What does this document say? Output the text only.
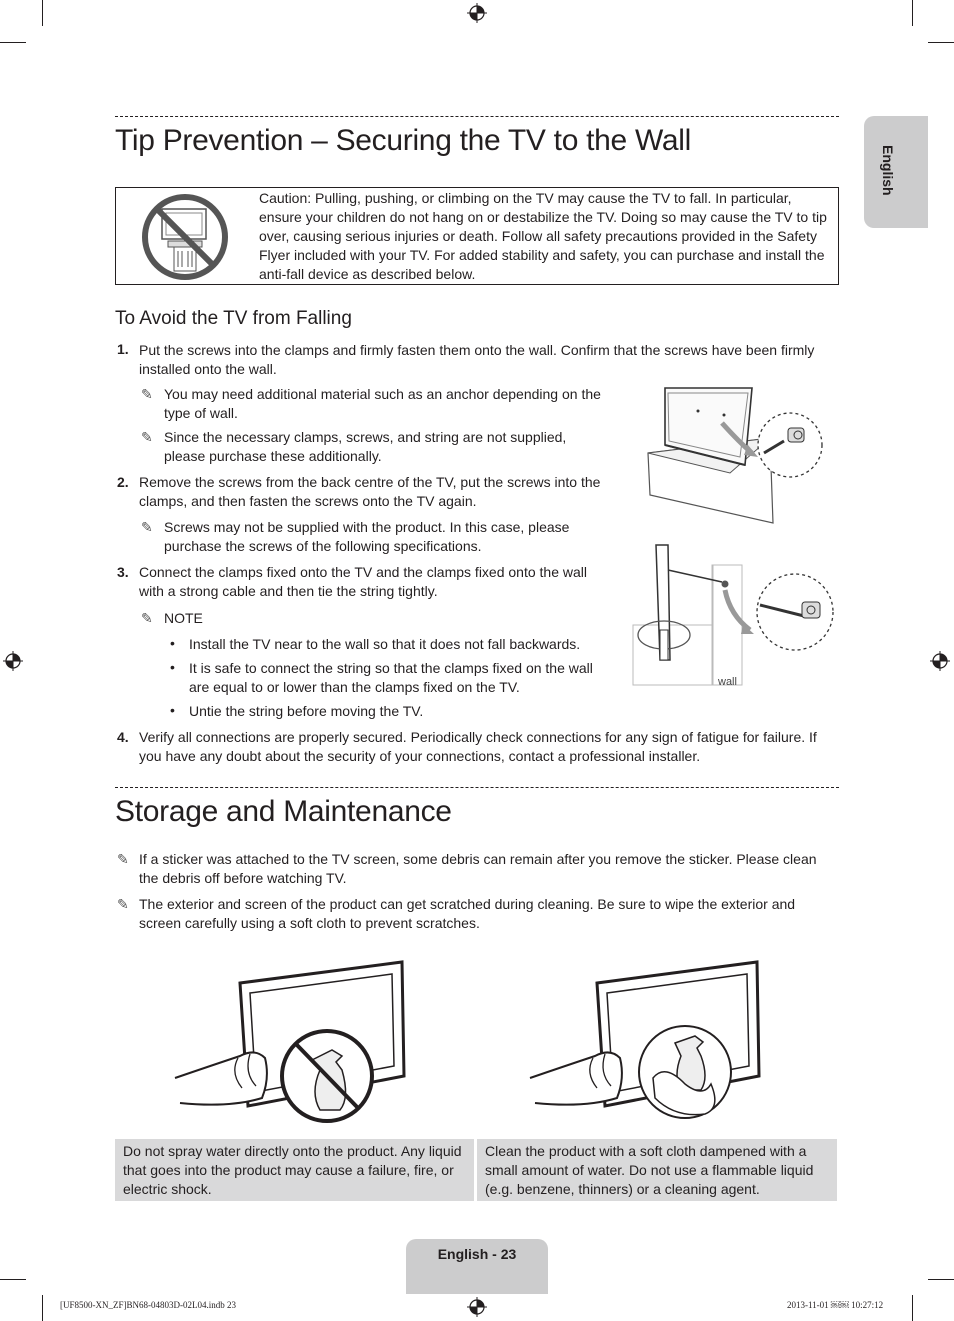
English
Tip Prevention – Securing the TV to the Wall
Caution: Pulling, pushing, or climbing on the TV may cause the TV to fall. In particular, ensure your children do not hang on or destabilize the TV. Doing so may cause the TV to tip over, causing serious injuries or death. Follow all safety precautions provided in the Safety Flyer included with your TV. For added stability and safety, you can purchase and install the anti-fall device as described below.
To Avoid the TV from Falling
1. Put the screws into the clamps and firmly fasten them onto the wall. Confirm that the screws have been firmly installed onto the wall.
✎ You may need additional material such as an anchor depending on the type of wall.
✎ Since the necessary clamps, screws, and string are not supplied, please purchase these additionally.
2. Remove the screws from the back centre of the TV, put the screws into the clamps, and then fasten the screws onto the TV again.
✎ Screws may not be supplied with the product. In this case, please purchase the screws of the following specifications.
3. Connect the clamps fixed onto the TV and the clamps fixed onto the wall with a strong cable and then tie the string tightly.
✎ NOTE
• Install the TV near to the wall so that it does not fall backwards.
• It is safe to connect the string so that the clamps fixed on the wall are equal to or lower than the clamps fixed on the TV.
• Untie the string before moving the TV.
4. Verify all connections are properly secured. Periodically check connections for any sign of fatigue for failure. If you have any doubt about the security of your connections, contact a professional installer.
wall
Storage and Maintenance
✎ If a sticker was attached to the TV screen, some debris can remain after you remove the sticker. Please clean the debris off before watching TV.
✎ The exterior and screen of the product can get scratched during cleaning. Be sure to wipe the exterior and screen carefully using a soft cloth to prevent scratches.
Do not spray water directly onto the product. Any liquid that goes into the product may cause a failure, fire, or electric shock.
Clean the product with a soft cloth dampened with a small amount of water. Do not use a flammable liquid (e.g. benzene, thinners) or a cleaning agent.
English - 23
[UF8500-XN_ZF]BN68-04803D-02L04.indb 23	2013-11-01 ￼￼ 10:27:12
